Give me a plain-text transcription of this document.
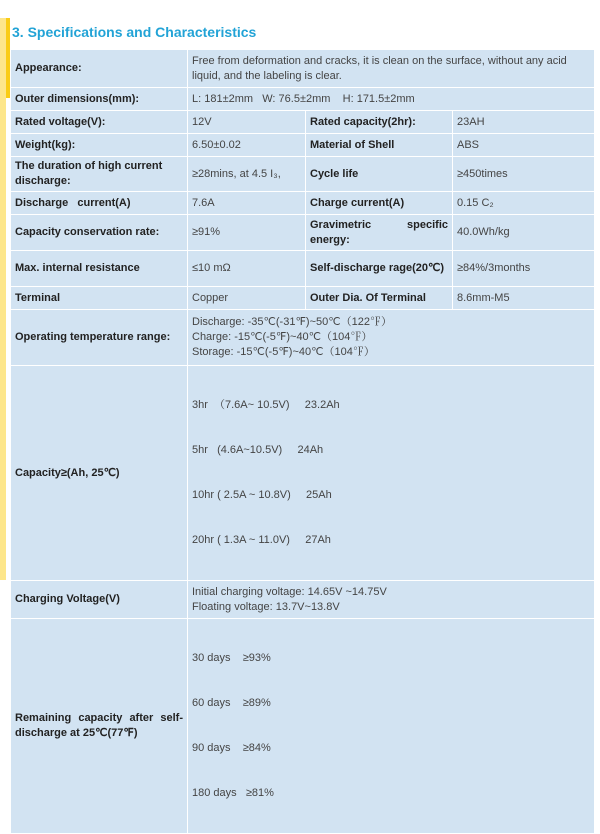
3. Specifications and Characteristics
Appearance:	Free from deformation and cracks, it is clean on the surface, without any acid liquid, and the labeling is clear.		
Outer dimensions(mm):	L: 181±2mm   W: 76.5±2mm    H: 171.5±2mm		
Rated voltage(V):	12V	Rated capacity(2hr):	23AH
Weight(kg):	6.50±0.02	Material of Shell	ABS
The duration of high current discharge:	≥28mins, at 4.5 I₃,	Cycle life	≥450times
Discharge   current(A)	7.6A	Charge current(A)	0.15 C₂
Capacity conservation rate:	≥91%	Gravimetric specific energy:	40.0Wh/kg
Max. internal resistance	≤10 mΩ	Self-discharge rage(20℃)	≥84%/3months
Terminal	Copper	Outer Dia. Of Terminal	8.6mm-M5
Operating temperature range:	Discharge: -35℃(-31℉)~50℃（122℉）
Charge: -15℃(-5℉)~40℃（104℉）
Storage: -15℃(-5℉)~40℃（104℉）		

Capacity≥(Ah, 25℃)	3hr  （7.6A~ 10.5V)     23.2Ah

5hr   (4.6A~10.5V)     24Ah

10hr ( 2.5A ~ 10.8V)     25Ah

20hr ( 1.3A ~ 11.0V)     27Ah		

Charging Voltage(V)	Initial charging voltage: 14.65V ~14.75V
Floating voltage: 13.7V~13.8V		

Remaining capacity after self-discharge at 25℃(77℉)	30 days    ≥93%

60 days    ≥89%

90 days    ≥84%

180 days   ≥81%		
